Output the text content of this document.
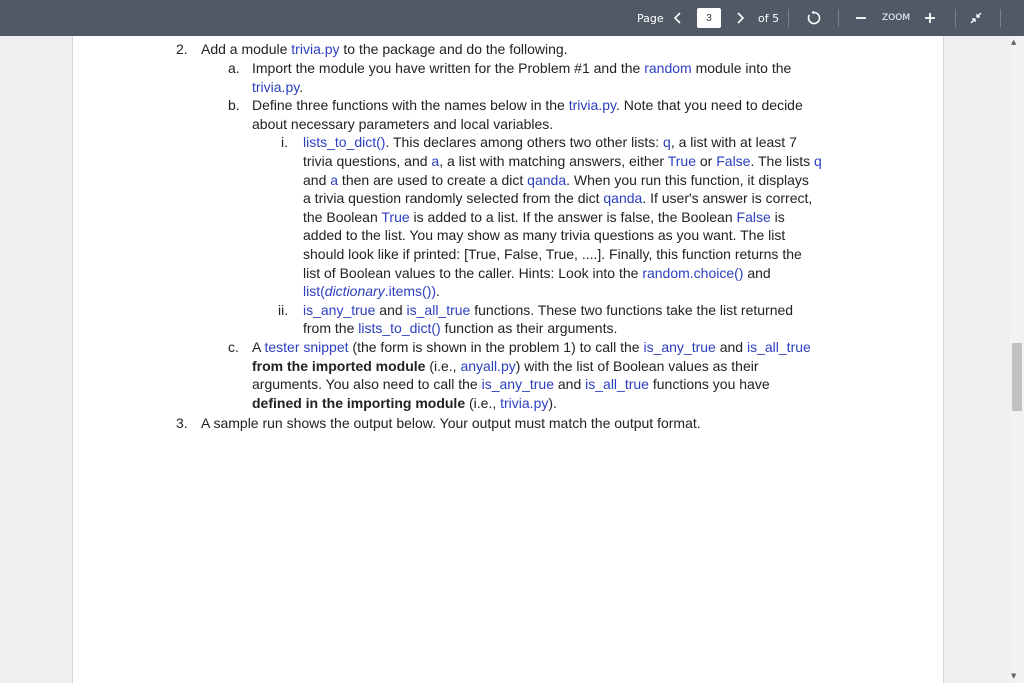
Page
3	of 5	ZOOM
2. Add a module trivia.py to the package and do the following.
a. Import the module you have written for the Problem #1 and the random module into the
trivia.py.
b. Define three functions with the names below in the trivia.py. Note that you need to decide
about necessary parameters and local variables.
i. lists_to_dict(). This declares among others two other lists: q, a list with at least 7
trivia questions, and a, a list with matching answers, either True or False. The lists q
and a then are used to create a dict qanda. When you run this function, it displays
a trivia question randomly selected from the dict qanda. If user's answer is correct,
the Boolean True is added to a list. If the answer is false, the Boolean False is
added to the list. You may show as many trivia questions as you want. The list
should look like if printed: [True, False, True, ....]. Finally, this function returns the
list of Boolean values to the caller. Hints: Look into the random.choice() and
list(dictionary.items()).
ii. is_any_true and is_all_true functions. These two functions take the list returned
from the lists_to_dict() function as their arguments.
c. A tester snippet (the form is shown in the problem 1) to call the is_any_true and is_all_true
from the imported module (i.e., anyall.py) with the list of Boolean values as their
arguments. You also need to call the is_any_true and is_all_true functions you have
defined in the importing module (i.e., trivia.py).
3. A sample run shows the output below. Your output must match the output format.
▲
▼
